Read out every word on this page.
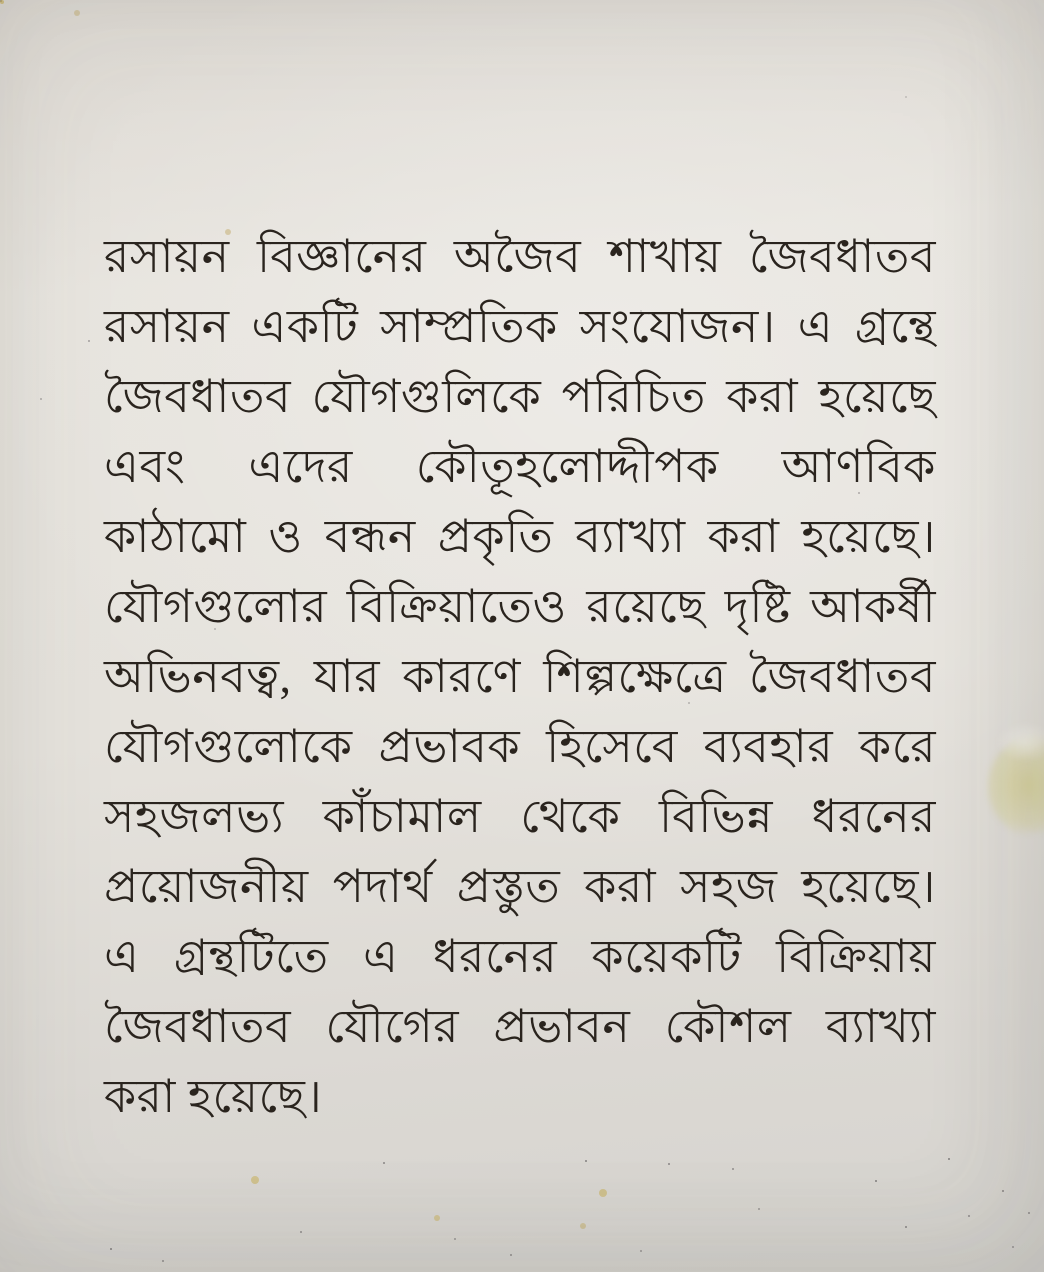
রসায়ন বিজ্ঞানের অজৈব শাখায় জৈবধাতব
রসায়ন একটি সাম্প্রতিক সংযোজন। এ গ্রন্থে
জৈবধাতব যৌগগুলিকে পরিচিত করা হয়েছে
এবং এদের কৌতূহলোদ্দীপক আণবিক
কাঠামো ও বন্ধন প্রকৃতি ব্যাখ্যা করা হয়েছে।
যৌগগুলোর বিক্রিয়াতেও রয়েছে দৃষ্টি আকর্ষী
অভিনবত্ব, যার কারণে শিল্পক্ষেত্রে জৈবধাতব
যৌগগুলোকে প্রভাবক হিসেবে ব্যবহার করে
সহজলভ্য কাঁচামাল থেকে বিভিন্ন ধরনের
প্রয়োজনীয় পদার্থ প্রস্তুত করা সহজ হয়েছে।
এ গ্রন্থটিতে এ ধরনের কয়েকটি বিক্রিয়ায়
জৈবধাতব যৌগের প্রভাবন কৌশল ব্যাখ্যা
করা হয়েছে।
